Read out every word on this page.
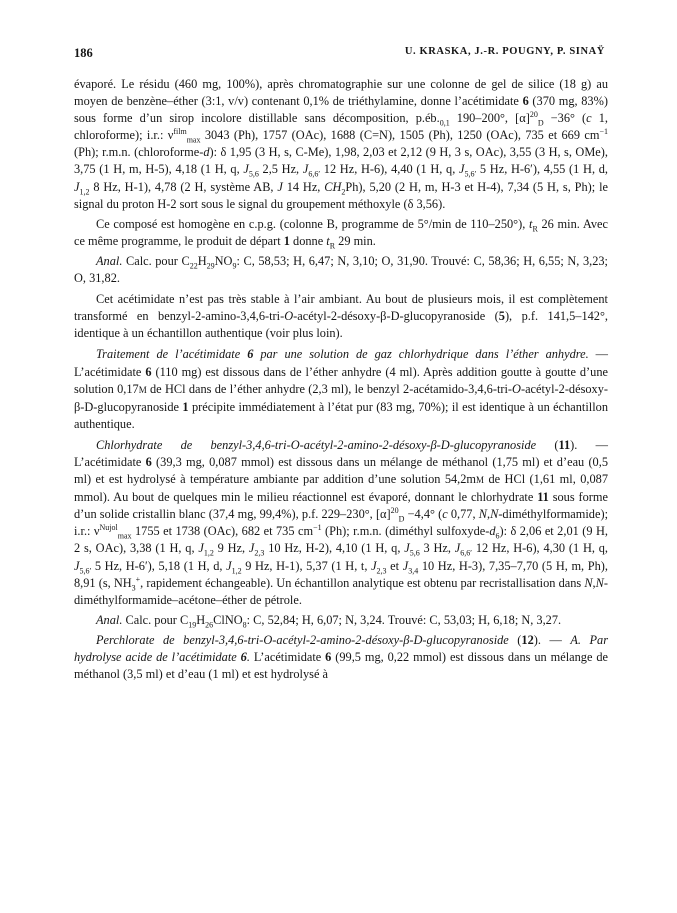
186	U. KRASKA, J.-R. POUGNY, P. SINAŸ

évaporé. Le résidu (460 mg, 100%), après chromatographie sur une colonne de gel de silice (18 g) au moyen de benzène–éther (3:1, v/v) contenant 0,1% de triéthylamine, donne l’acétimidate 6 (370 mg, 83%) sous forme d’un sirop incolore distillable sans décomposition, $p.éb._{0,1}$ 190–200°, $[\alpha]^{20}_D -36^\circ$ (c 1, chloroforme); i.r.: $\nu^{film}_{max}$ 3043 (Ph), 1757 (OAc), 1688 (C=N), 1505 (Ph), 1250 (OAc), 735 et 669 $cm^{-1}$ (Ph); r.m.n. (chloroforme-d): δ 1,95 (3 H, s, C-Me), 1,98, 2,03 et 2,12 (9 H, 3 s, OAc), 3,55 (3 H, s, OMe), 3,75 (1 H, m, H-5), 4,18 (1 H, q, $J_{5,6}$ 2,5 Hz, $J_{6,6'}$ 12 Hz, H-6), 4,40 (1 H, q, $J_{5,6'}$ 5 Hz, H-6′), 4,55 (1 H, d, $J_{1,2}$ 8 Hz, H-1), 4,78 (2 H, système AB, J 14 Hz, $CH_2Ph$), 5,20 (2 H, m, H-3 et H-4), 7,34 (5 H, s, Ph); le signal du proton H-2 sort sous le signal du groupement méthoxyle (δ 3,56).

Ce composé est homogène en c.p.g. (colonne B, programme de 5°/min de 110–250°), $t_R$ 26 min. Avec ce même programme, le produit de départ 1 donne $t_R$ 29 min.

Anal. Calc. pour $C_{22}H_{29}NO_9$: C, 58,53; H, 6,47; N, 3,10; O, 31,90. Trouvé: C, 58,36; H, 6,55; N, 3,23; O, 31,82.

Cet acétimidate n’est pas très stable à l’air ambiant. Au bout de plusieurs mois, il est complètement transformé en benzyl-2-amino-3,4,6-tri-O-acétyl-2-désoxy-β-D-glucopyranoside (5), p.f. 141,5–142°, identique à un échantillon authentique (voir plus loin).

Traitement de l’acétimidate 6 par une solution de gaz chlorhydrique dans l’éther anhydre. — L’acétimidate 6 (110 mg) est dissous dans de l’éther anhydre (4 ml). Après addition goutte à goutte d’une solution 0,17M de HCl dans de l’éther anhydre (2,3 ml), le benzyl 2-acétamido-3,4,6-tri-O-acétyl-2-désoxy-β-D-glucopyranoside 1 précipite immédiatement à l’état pur (83 mg, 70%); il est identique à un échantillon authentique.

Chlorhydrate de benzyl-3,4,6-tri-O-acétyl-2-amino-2-désoxy-β-D-glucopyranoside (11). — L’acétimidate 6 (39,3 mg, 0,087 mmol) est dissous dans un mélange de méthanol (1,75 ml) et d’eau (0,5 ml) et est hydrolysé à température ambiante par addition d’une solution 54,2mM de HCl (1,61 ml, 0,087 mmol). Au bout de quelques min le milieu réactionnel est évaporé, donnant le chlorhydrate 11 sous forme d’un solide cristallin blanc (37,4 mg, 99,4%), p.f. 229–230°, $[\alpha]^{20}_D -4,4^\circ$ (c 0,77, N,N-diméthylformamide); i.r.: $\nu^{Nujol}_{max}$ 1755 et 1738 (OAc), 682 et 735 $cm^{-1}$ (Ph); r.m.n. (diméthyl sulfoxyde-$d_6$): δ 2,06 et 2,01 (9 H, 2 s, OAc), 3,38 (1 H, q, $J_{1,2}$ 9 Hz, $J_{2,3}$ 10 Hz, H-2), 4,10 (1 H, q, $J_{5,6}$ 3 Hz, $J_{6,6'}$ 12 Hz, H-6), 4,30 (1 H, q, $J_{5,6'}$ 5 Hz, H-6′), 5,18 (1 H, d, $J_{1,2}$ 9 Hz, H-1), 5,37 (1 H, t, $J_{2,3}$ et $J_{3,4}$ 10 Hz, H-3), 7,35–7,70 (5 H, m, Ph), 8,91 (s, $NH_3^+$, rapidement échangeable). Un échantillon analytique est obtenu par recristallisation dans N,N-diméthylformamide–acétone–éther de pétrole.

Anal. Calc. pour $C_{19}H_{26}ClNO_8$: C, 52,84; H, 6,07; N, 3,24. Trouvé: C, 53,03; H, 6,18; N, 3,27.

Perchlorate de benzyl-3,4,6-tri-O-acétyl-2-amino-2-désoxy-β-D-glucopyranoside (12). — A. Par hydrolyse acide de l’acétimidate 6. L’acétimidate 6 (99,5 mg, 0,22 mmol) est dissous dans un mélange de méthanol (3,5 ml) et d’eau (1 ml) et est hydrolysé à
